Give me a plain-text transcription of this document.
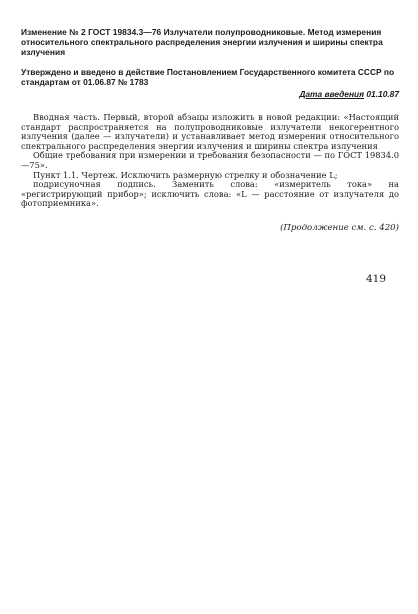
Изменение № 2 ГОСТ 19834.3—76 Излучатели полупроводниковые. Метод измерения относительного спектрального распределения энергии излучения и ширины спектра излучения

Утверждено и введено в действие Постановлением Государственного комитета СССР по стандартам от 01.06.87 № 1783

Дата введения 01.10.87

Вводная часть. Первый, второй абзацы изложить в новой редакции: «Настоящий стандарт распространяется на полупроводниковые излучатели некогерентного излучения (далее — излучатели) и устанавливает метод измерения относительного спектрального распределения энергии излучения и ширины спектра излучения

Общие требования при измерении и требования безопасности — по ГОСТ 19834.0—75».

Пункт 1.1. Чертеж. Исключить размерную стрелку и обозначение L;

подрисуночная подпись. Заменить слова: «измеритель тока» на «регистрирующий прибор»; исключить слова: «L — расстояние от излучателя до фотоприемника».

(Продолжение см. с. 420)
419
